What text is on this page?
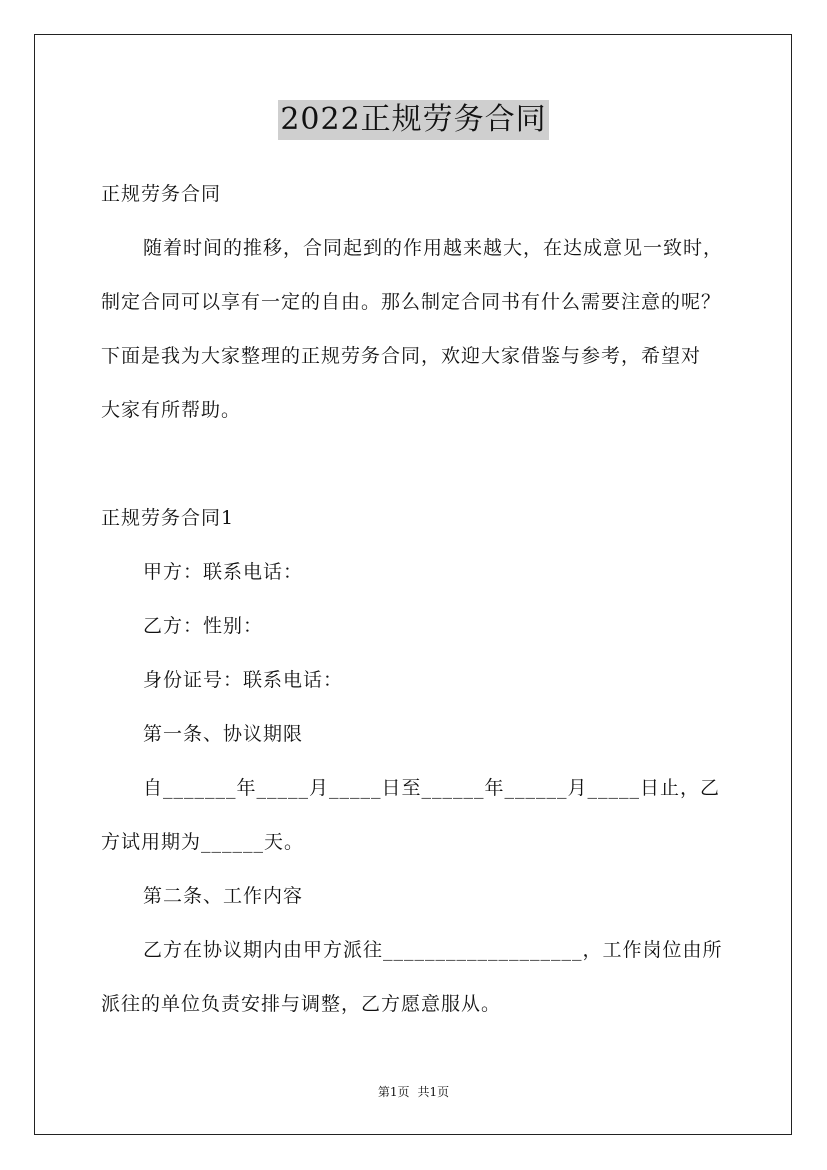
2022正规劳务合同
正规劳务合同
随着时间的推移，合同起到的作用越来越大，在达成意见一致时，
制定合同可以享有一定的自由。那么制定合同书有什么需要注意的呢？
下面是我为大家整理的正规劳务合同，欢迎大家借鉴与参考，希望对
大家有所帮助。
正规劳务合同1
甲方：联系电话：
乙方：性别：
身份证号：联系电话：
第一条、协议期限
自_______年_____月_____日至______年______月_____日止，乙
方试用期为______天。
第二条、工作内容
乙方在协议期内由甲方派往___________________，工作岗位由所
派往的单位负责安排与调整，乙方愿意服从。
第1页 共1页
